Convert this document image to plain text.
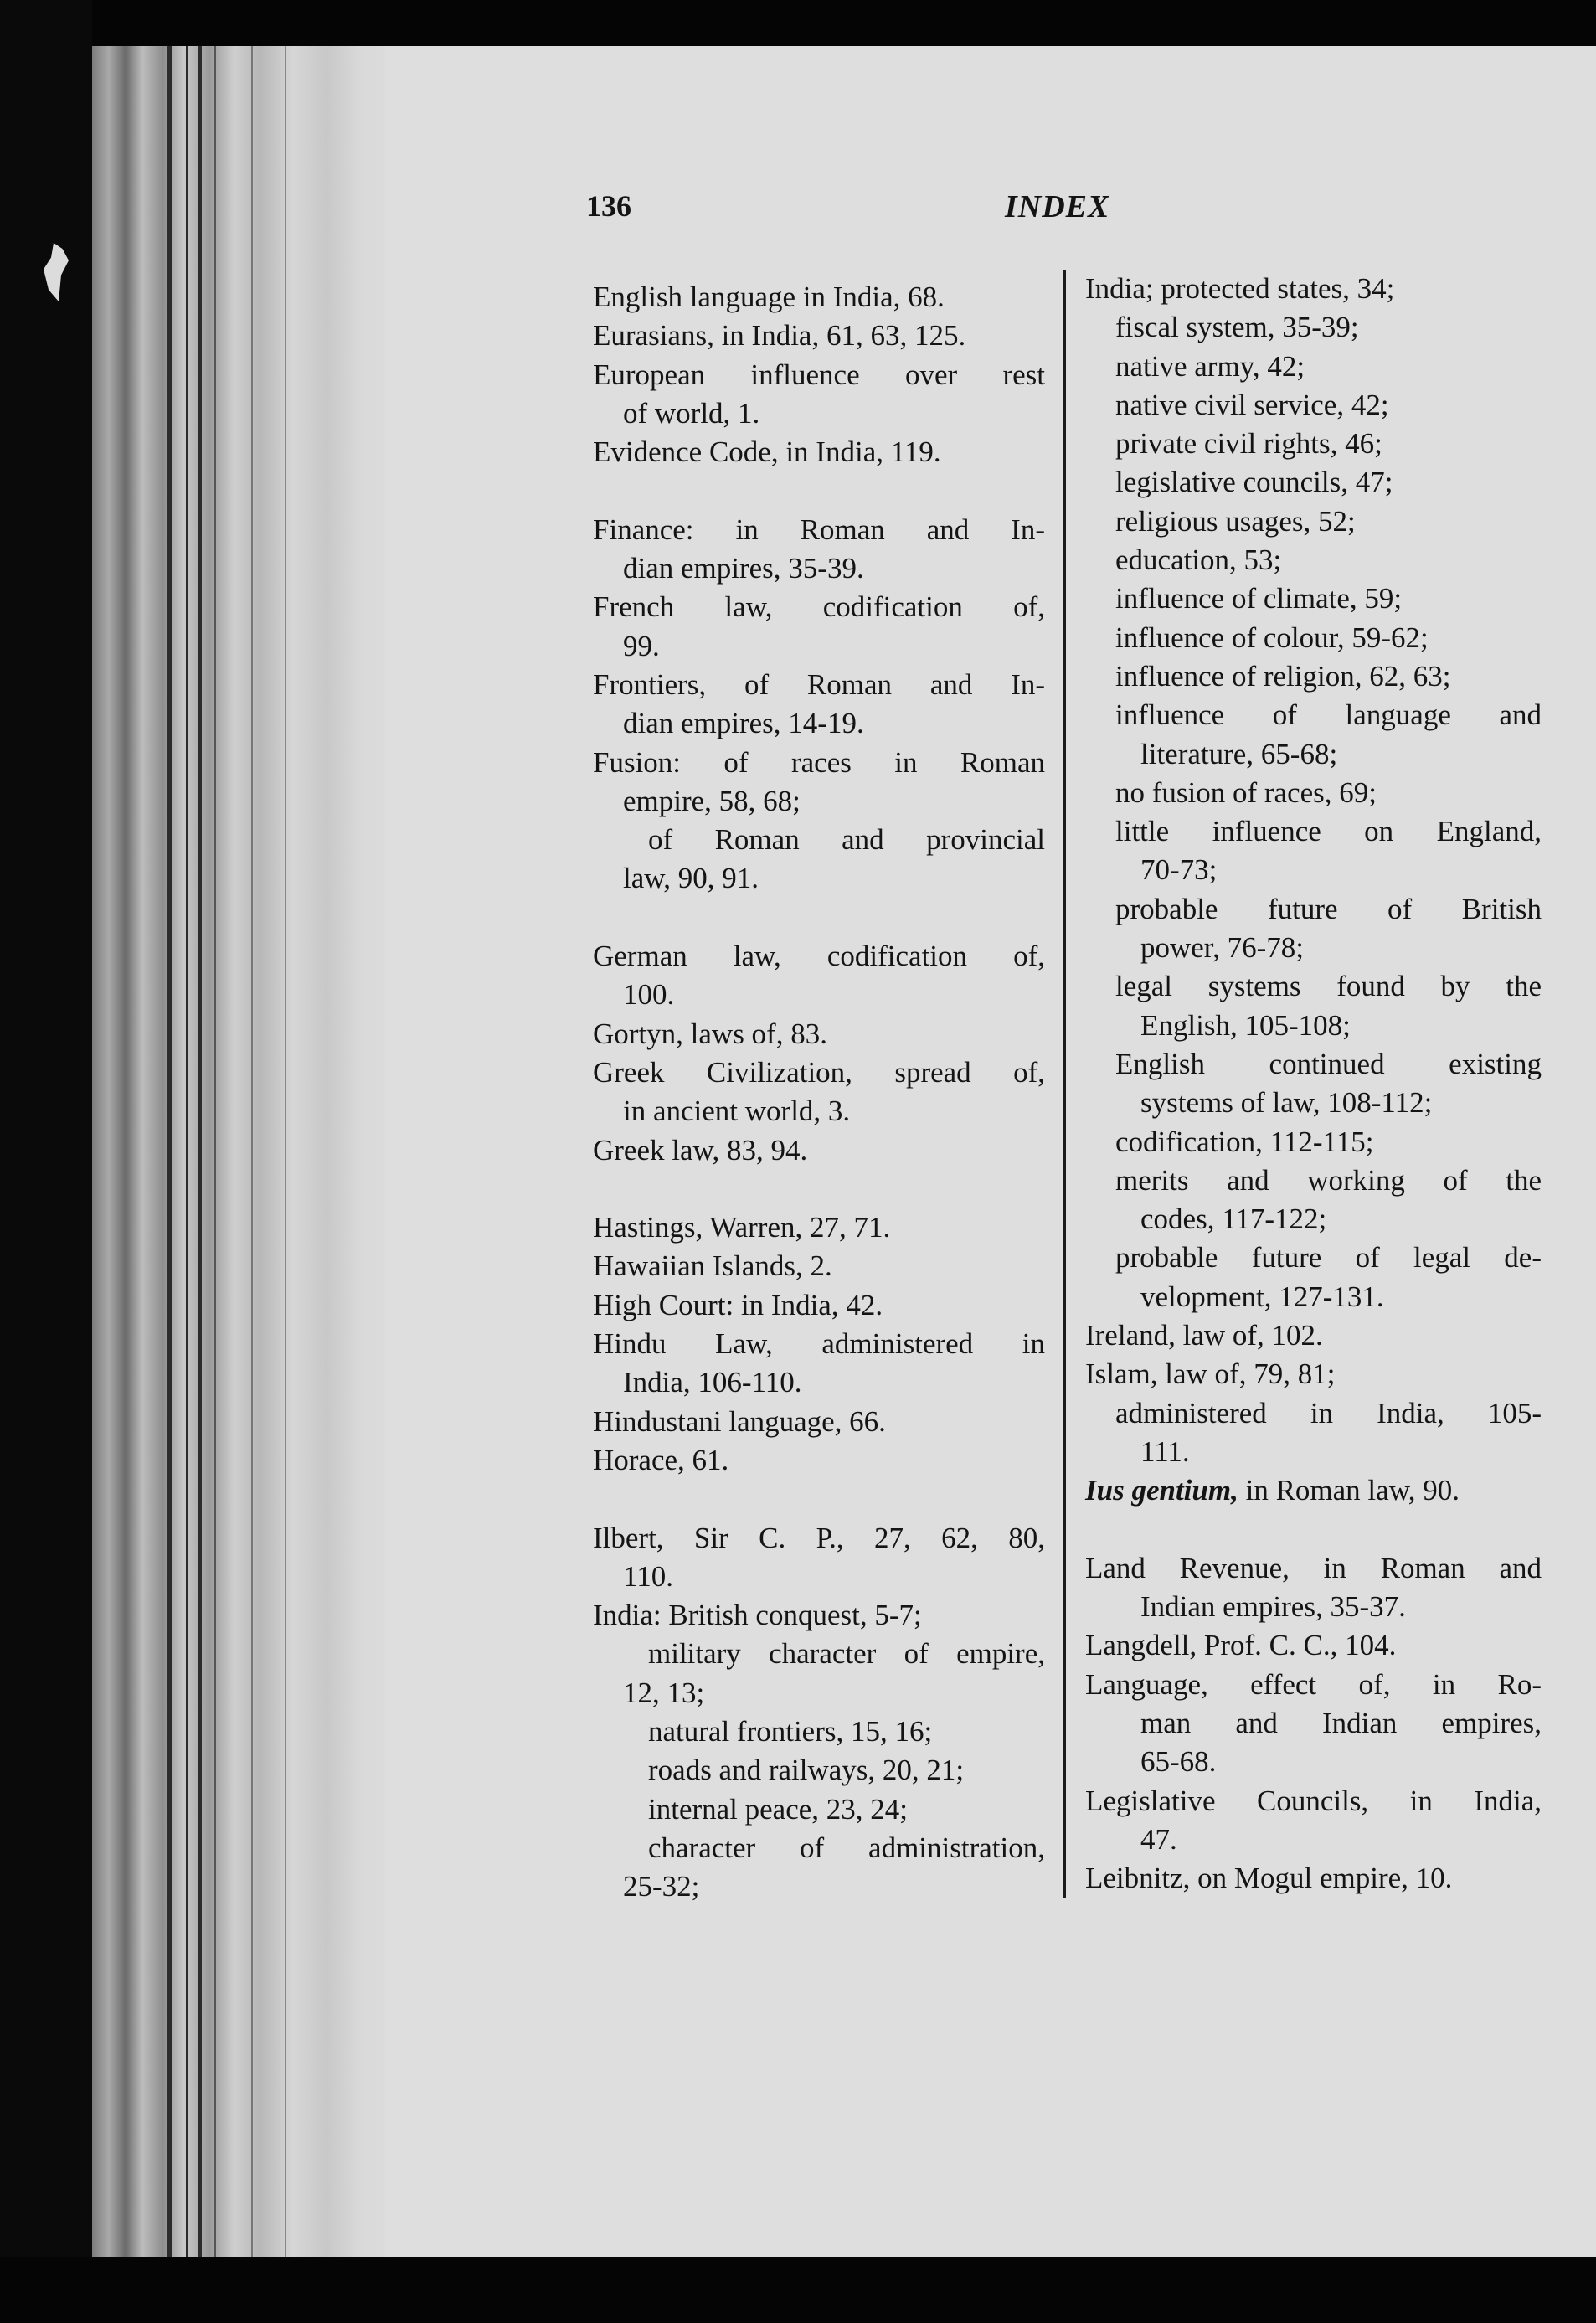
136	INDEX
English language in India, 68.
Eurasians, in India, 61, 63, 125.
European influence over rest
of world, 1.
Evidence Code, in India, 119.
Finance: in Roman and In-
dian empires, 35-39.
French law, codification of,
99.
Frontiers, of Roman and In-
dian empires, 14-19.
Fusion: of races in Roman
empire, 58, 68;
of Roman and provincial
law, 90, 91.
German law, codification of,
100.
Gortyn, laws of, 83.
Greek Civilization, spread of,
in ancient world, 3.
Greek law, 83, 94.
Hastings, Warren, 27, 71.
Hawaiian Islands, 2.
High Court: in India, 42.
Hindu Law, administered in
India, 106-110.
Hindustani language, 66.
Horace, 61.
Ilbert, Sir C. P., 27, 62, 80,
110.
India: British conquest, 5-7;
military character of empire,
12, 13;
natural frontiers, 15, 16;
roads and railways, 20, 21;
internal peace, 23, 24;
character of administration,
25-32;
India; protected states, 34;
fiscal system, 35-39;
native army, 42;
native civil service, 42;
private civil rights, 46;
legislative councils, 47;
religious usages, 52;
education, 53;
influence of climate, 59;
influence of colour, 59-62;
influence of religion, 62, 63;
influence of language and
literature, 65-68;
no fusion of races, 69;
little influence on England,
70-73;
probable future of British
power, 76-78;
legal systems found by the
English, 105-108;
English continued existing
systems of law, 108-112;
codification, 112-115;
merits and working of the
codes, 117-122;
probable future of legal de-
velopment, 127-131.
Ireland, law of, 102.
Islam, law of, 79, 81;
administered in India, 105-
111.
Ius gentium, in Roman law, 90.
Land Revenue, in Roman and
Indian empires, 35-37.
Langdell, Prof. C. C., 104.
Language, effect of, in Ro-
man and Indian empires,
65-68.
Legislative Councils, in India,
47.
Leibnitz, on Mogul empire, 10.
